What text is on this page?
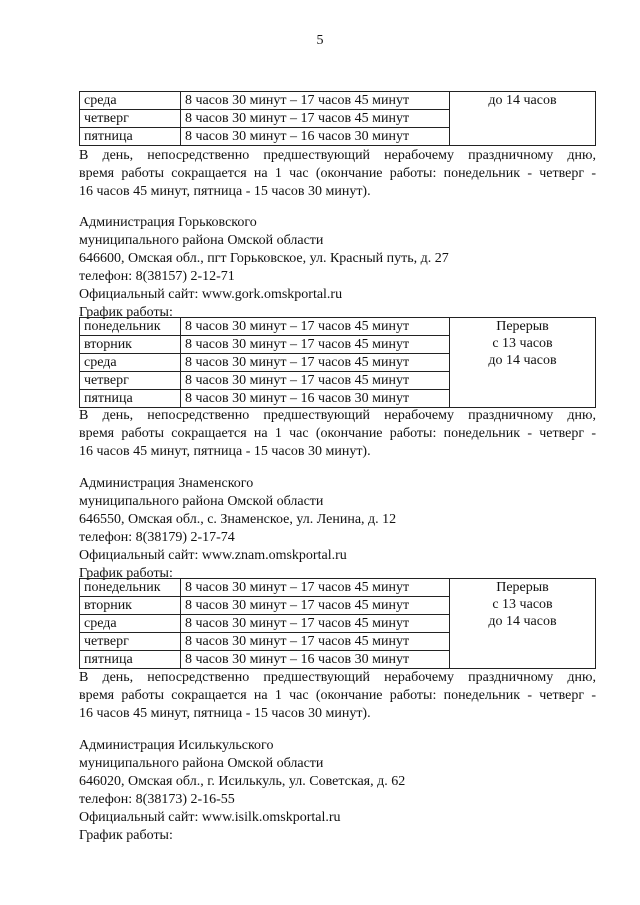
5
среда	8 часов 30 минут – 17 часов 45 минут	до 14 часов

четверг	8 часов 30 минут – 17 часов 45 минут	
пятница	8 часов 30 минут – 16 часов 30 минут	
В день, непосредственно предшествующий нерабочему праздничному дню,
время работы сокращается на 1 час (окончание работы: понедельник - четверг -
16 часов 45 минут, пятница - 15 часов 30 минут).
Администрация Горьковского
муниципального района Омской области
646600, Омская обл., пгт Горьковское, ул. Красный путь, д. 27
телефон: 8(38157) 2-12-71
Официальный сайт: www.gork.omskportal.ru
График работы:
понедельник	8 часов 30 минут – 17 часов 45 минут	Перерыв
с 13 часов
до 14 часов

вторник	8 часов 30 минут – 17 часов 45 минут	
среда	8 часов 30 минут – 17 часов 45 минут	
четверг	8 часов 30 минут – 17 часов 45 минут	
пятница	8 часов 30 минут – 16 часов 30 минут	
В день, непосредственно предшествующий нерабочему праздничному дню,
время работы сокращается на 1 час (окончание работы: понедельник - четверг -
16 часов 45 минут, пятница - 15 часов 30 минут).
Администрация Знаменского
муниципального района Омской области
646550, Омская обл., с. Знаменское, ул. Ленина, д. 12
телефон: 8(38179) 2-17-74
Официальный сайт: www.znam.omskportal.ru
График работы:
понедельник	8 часов 30 минут – 17 часов 45 минут	Перерыв
с 13 часов
до 14 часов

вторник	8 часов 30 минут – 17 часов 45 минут	
среда	8 часов 30 минут – 17 часов 45 минут	
четверг	8 часов 30 минут – 17 часов 45 минут	
пятница	8 часов 30 минут – 16 часов 30 минут	
В день, непосредственно предшествующий нерабочему праздничному дню,
время работы сокращается на 1 час (окончание работы: понедельник - четверг -
16 часов 45 минут, пятница - 15 часов 30 минут).
Администрация Исилькульского
муниципального района Омской области
646020, Омская обл., г. Исилькуль, ул. Советская, д. 62
телефон: 8(38173) 2-16-55
Официальный сайт: www.isilk.omskportal.ru
График работы:
